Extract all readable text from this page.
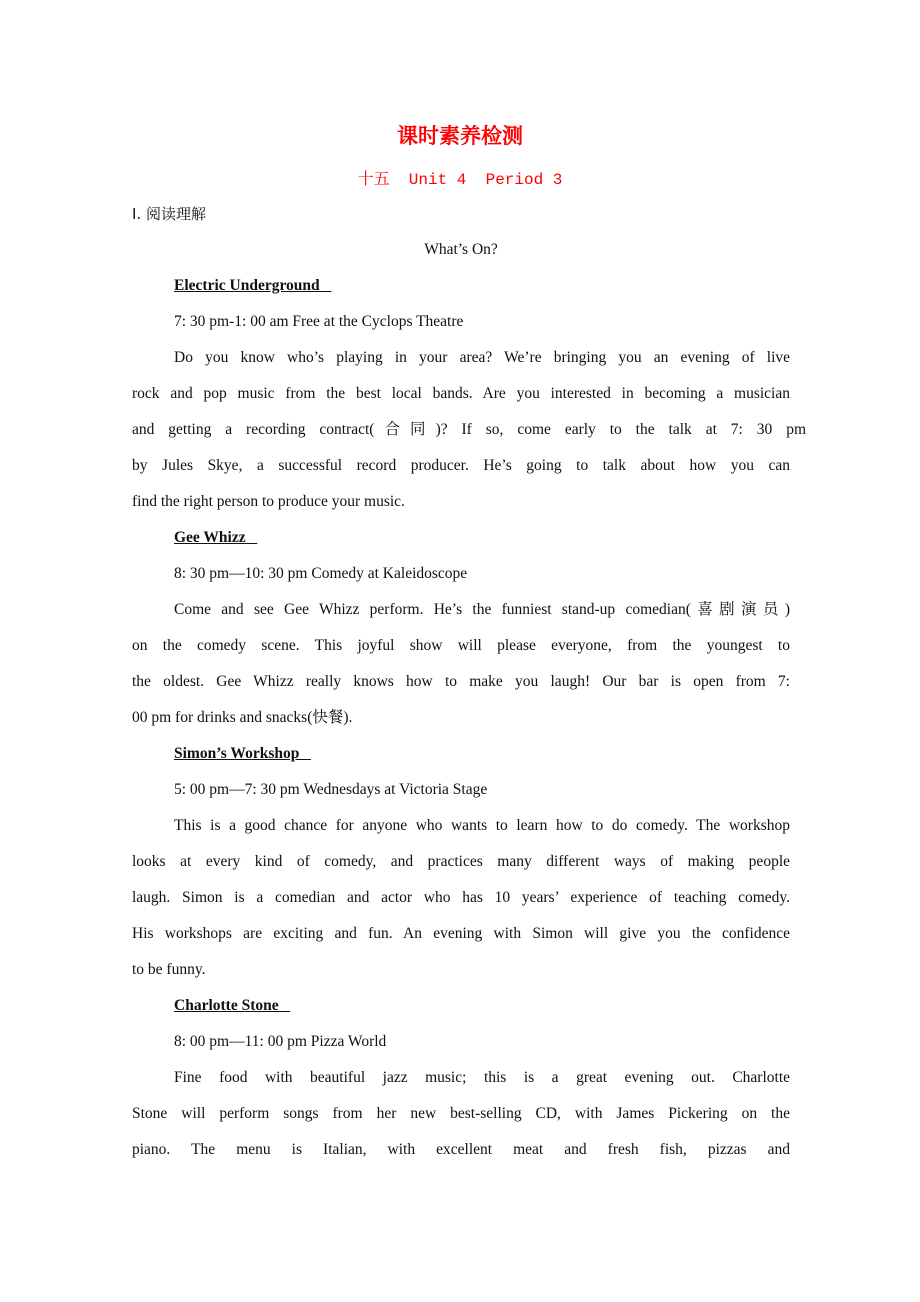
课时素养检测
十五  Unit 4  Period 3
Ⅰ. 阅读理解
What’s On?
Electric Underground
7: 30 pm-1: 00 am Free at the Cyclops Theatre
Do you know who’s playing in your area? We’re bringing you an evening of live
rock and pop music from the best local bands. Are you interested in becoming a musician
and getting a recording contract(合同)? If so, come early to the talk at 7: 30 pm
by Jules Skye, a successful record producer. He’s going to talk about how you can
find the right person to produce your music.
Gee Whizz
8: 30 pm—10: 30 pm Comedy at Kaleidoscope
Come and see Gee Whizz perform. He’s the funniest stand-up comedian(喜剧演员)
on the comedy scene. This joyful show will please everyone, from the youngest to
the oldest. Gee Whizz really knows how to make you laugh! Our bar is open from 7:
00 pm for drinks and snacks(快餐).
Simon’s Workshop
5: 00 pm—7: 30 pm Wednesdays at Victoria Stage
This is a good chance for anyone who wants to learn how to do comedy. The workshop
looks at every kind of comedy, and practices many different ways of making people
laugh. Simon is a comedian and actor who has 10 years’ experience of teaching comedy.
His workshops are exciting and fun. An evening with Simon will give you the confidence
to be funny.
Charlotte Stone
8: 00 pm—11: 00 pm Pizza World
Fine food with beautiful jazz music; this is a great evening out. Charlotte
Stone will perform songs from her new best-selling CD, with James Pickering on the
piano. The menu is Italian, with excellent meat and fresh fish, pizzas and
